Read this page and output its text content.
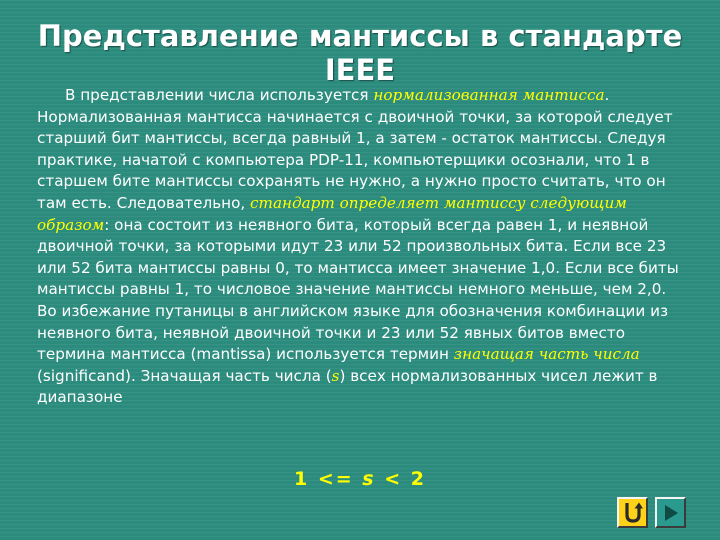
Представление мантиссы в стандарте IEEE

В представлении числа используется нормализованная мантисса. Нормализованная мантисса начинается с двоичной точки, за которой следует старший бит мантиссы, всегда равный 1, а затем - остаток мантиссы. Следуя практике, начатой с компьютера PDP-11, компьютерщики осознали, что 1 в старшем бите мантиссы сохранять не нужно, а нужно просто считать, что он там есть. Следовательно, стандарт определяет мантиссу следующим образом: она состоит из неявного бита, который всегда равен 1, и неявной двоичной точки, за которыми идут 23 или 52 произвольных бита. Если все 23 или 52 бита мантиссы равны 0, то мантисса имеет значение 1,0. Если все биты мантиссы равны 1, то числовое значение мантиссы немного меньше, чем 2,0. Во избежание путаницы в английском языке для обозначения комбинации из неявного бита, неявной двоичной точки и 23 или 52 явных битов вместо термина мантисса (mantissa) используется термин значащая часть числа (significand). Значащая часть числа (s) всех нормализованных чисел лежит в диапазоне

1 <= s < 2
